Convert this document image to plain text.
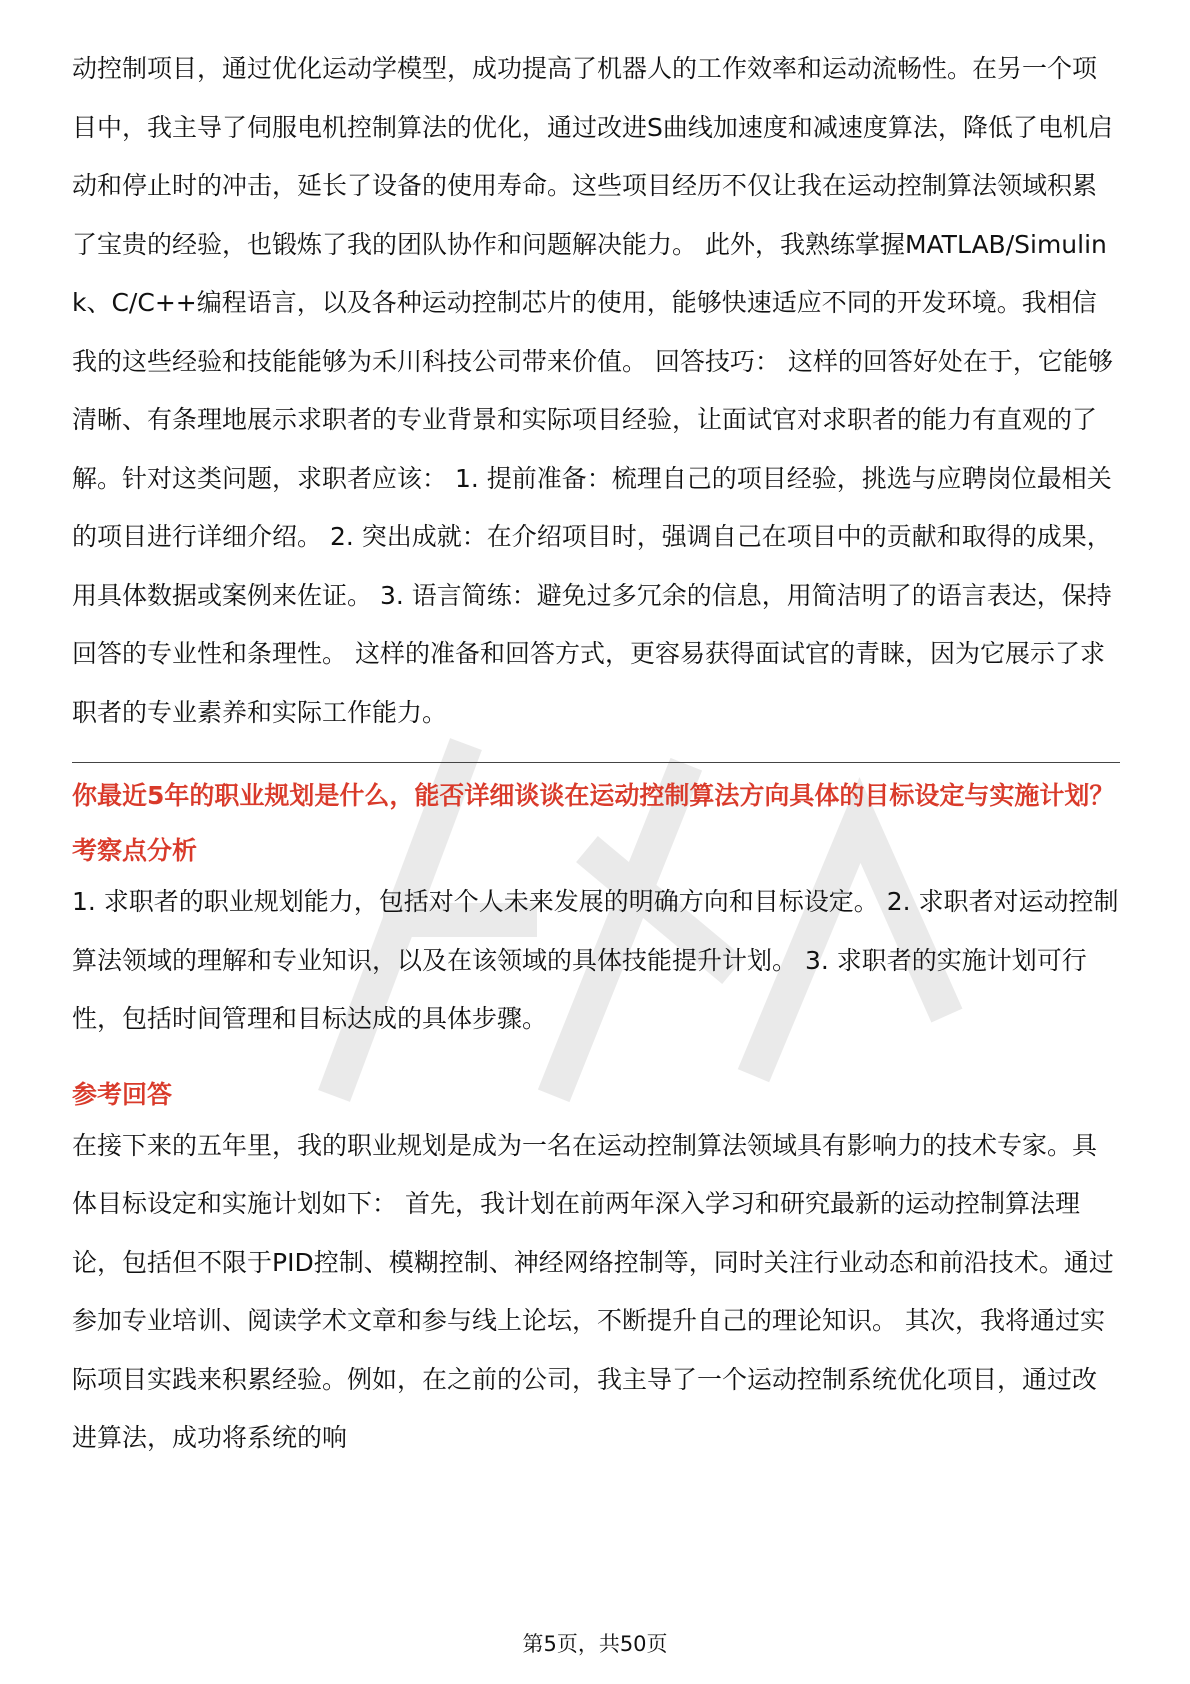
动控制项目，通过优化运动学模型，成功提高了机器人的工作效率和运动流畅性。在另一个项目中，我主导了伺服电机控制算法的优化，通过改进S曲线加速度和减速度算法，降低了电机启动和停止时的冲击，延长了设备的使用寿命。这些项目经历不仅让我在运动控制算法领域积累了宝贵的经验，也锻炼了我的团队协作和问题解决能力。 此外，我熟练掌握MATLAB/Simulink、C/C++编程语言，以及各种运动控制芯片的使用，能够快速适应不同的开发环境。我相信我的这些经验和技能能够为禾川科技公司带来价值。 回答技巧： 这样的回答好处在于，它能够清晰、有条理地展示求职者的专业背景和实际项目经验，让面试官对求职者的能力有直观的了解。针对这类问题，求职者应该： 1. 提前准备：梳理自己的项目经验，挑选与应聘岗位最相关的项目进行详细介绍。 2. 突出成就：在介绍项目时，强调自己在项目中的贡献和取得的成果，用具体数据或案例来佐证。 3. 语言简练：避免过多冗余的信息，用简洁明了的语言表达，保持回答的专业性和条理性。 这样的准备和回答方式，更容易获得面试官的青睐，因为它展示了求职者的专业素养和实际工作能力。

你最近5年的职业规划是什么，能否详细谈谈在运动控制算法方向具体的目标设定与实施计划？

考察点分析

1. 求职者的职业规划能力，包括对个人未来发展的明确方向和目标设定。 2. 求职者对运动控制算法领域的理解和专业知识，以及在该领域的具体技能提升计划。 3. 求职者的实施计划可行性，包括时间管理和目标达成的具体步骤。

参考回答

在接下来的五年里，我的职业规划是成为一名在运动控制算法领域具有影响力的技术专家。具体目标设定和实施计划如下： 首先，我计划在前两年深入学习和研究最新的运动控制算法理论，包括但不限于PID控制、模糊控制、神经网络控制等，同时关注行业动态和前沿技术。通过参加专业培训、阅读学术文章和参与线上论坛，不断提升自己的理论知识。 其次，我将通过实际项目实践来积累经验。例如，在之前的公司，我主导了一个运动控制系统优化项目，通过改进算法，成功将系统的响

第5页，共50页
